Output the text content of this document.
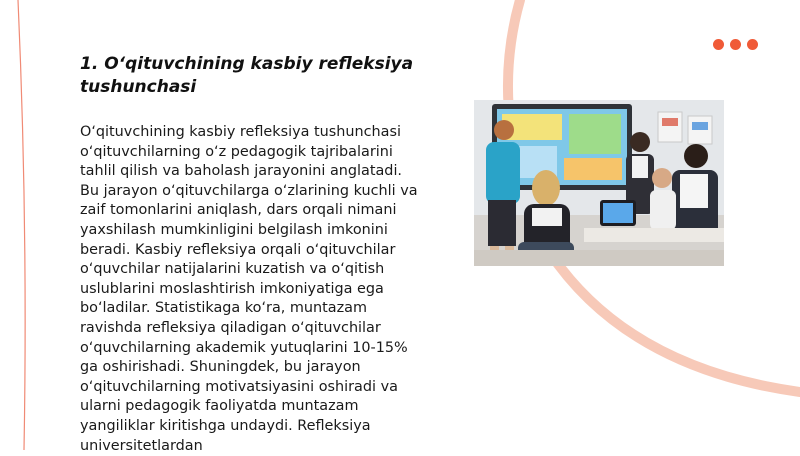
1. O‘qituvchining kasbiy refleksiya tushunchasi

O‘qituvchining kasbiy refleksiya tushunchasi o‘qituvchilarning o‘z pedagogik tajribalarini tahlil qilish va baholash jarayonini anglatadi. Bu jarayon o‘qituvchilarga o‘zlarining kuchli va zaif tomonlarini aniqlash, dars orqali nimani yaxshilash mumkinligini belgilash imkonini beradi. Kasbiy refleksiya orqali o‘qituvchilar o‘quvchilar natijalarini kuzatish va o‘qitish uslublarini moslashtirish imkoniyatiga ega bo‘ladilar. Statistikaga ko‘ra, muntazam ravishda refleksiya qiladigan o‘qituvchilar o‘quvchilarning akademik yutuqlarini 10-15% ga oshirishadi. Shuningdek, bu jarayon o‘qituvchilarning motivatsiyasini oshiradi va ularni pedagogik faoliyatda muntazam yangiliklar kiritishga undaydi. Refleksiya universitetlardan
